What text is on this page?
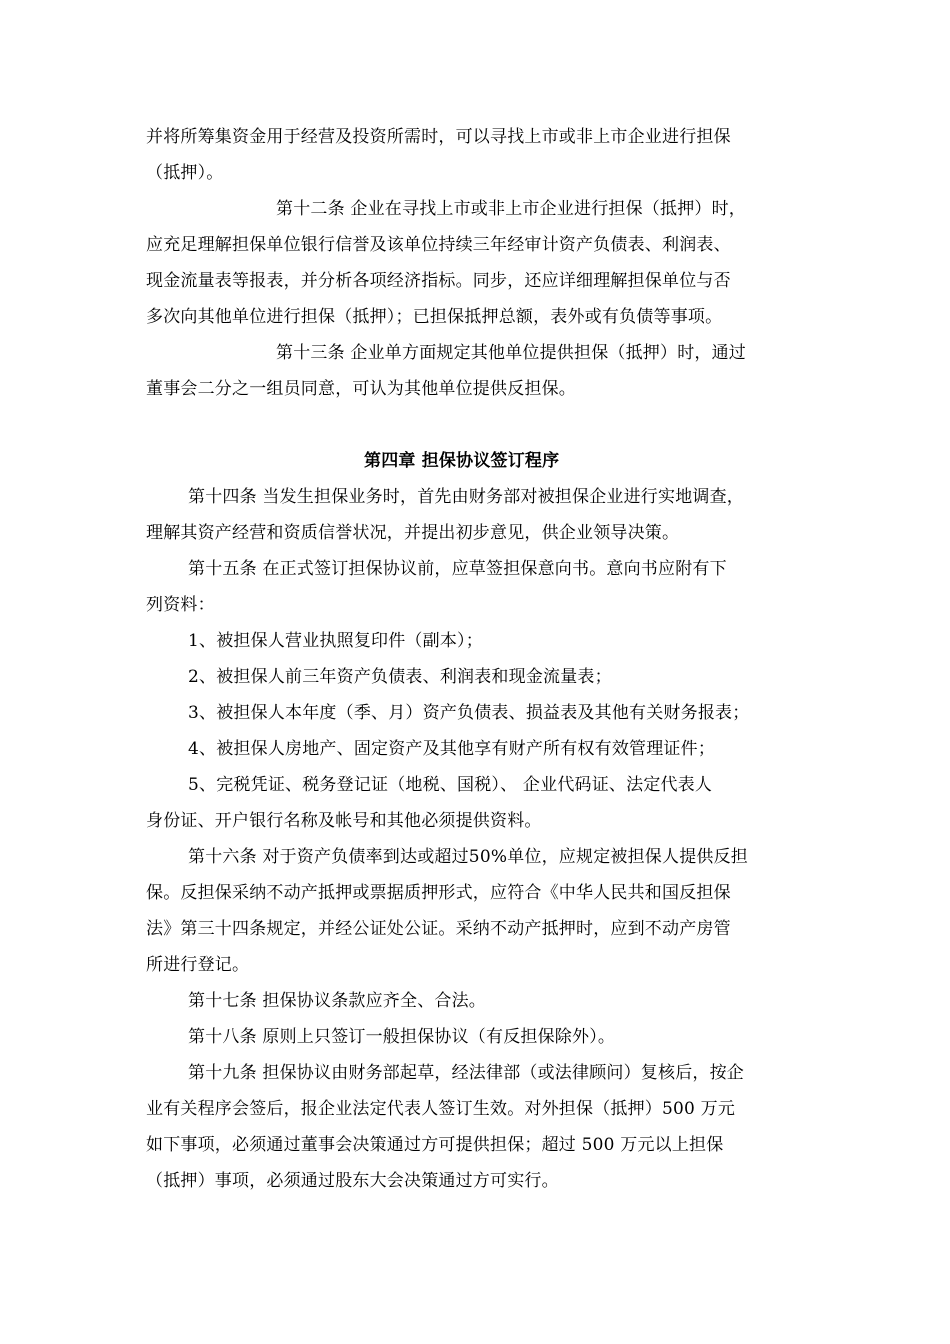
并将所筹集资金用于经营及投资所需时，可以寻找上市或非上市企业进行担保
（抵押）。
第十二条 企业在寻找上市或非上市企业进行担保（抵押）时，
应充足理解担保单位银行信誉及该单位持续三年经审计资产负债表、利润表、
现金流量表等报表，并分析各项经济指标。同步，还应详细理解担保单位与否
多次向其他单位进行担保（抵押）；已担保抵押总额，表外或有负债等事项。
第十三条 企业单方面规定其他单位提供担保（抵押）时，通过
董事会二分之一组员同意，可认为其他单位提供反担保。
第四章 担保协议签订程序
第十四条 当发生担保业务时，首先由财务部对被担保企业进行实地调查，
理解其资产经营和资质信誉状况，并提出初步意见，供企业领导决策。
第十五条 在正式签订担保协议前，应草签担保意向书。意向书应附有下
列资料：
1、被担保人营业执照复印件（副本）；
2、被担保人前三年资产负债表、利润表和现金流量表；
3、被担保人本年度（季、月）资产负债表、损益表及其他有关财务报表；
4、被担保人房地产、固定资产及其他享有财产所有权有效管理证件；
5、完税凭证、税务登记证（地税、国税）、 企业代码证、法定代表人
身份证、开户银行名称及帐号和其他必须提供资料。
第十六条 对于资产负债率到达或超过50%单位，应规定被担保人提供反担
保。反担保采纳不动产抵押或票据质押形式，应符合《中华人民共和国反担保
法》第三十四条规定，并经公证处公证。采纳不动产抵押时，应到不动产房管
所进行登记。
第十七条 担保协议条款应齐全、合法。
第十八条 原则上只签订一般担保协议（有反担保除外）。
第十九条 担保协议由财务部起草，经法律部（或法律顾问）复核后，按企
业有关程序会签后，报企业法定代表人签订生效。对外担保（抵押）500 万元
如下事项，必须通过董事会决策通过方可提供担保；超过 500 万元以上担保
（抵押）事项，必须通过股东大会决策通过方可实行。
